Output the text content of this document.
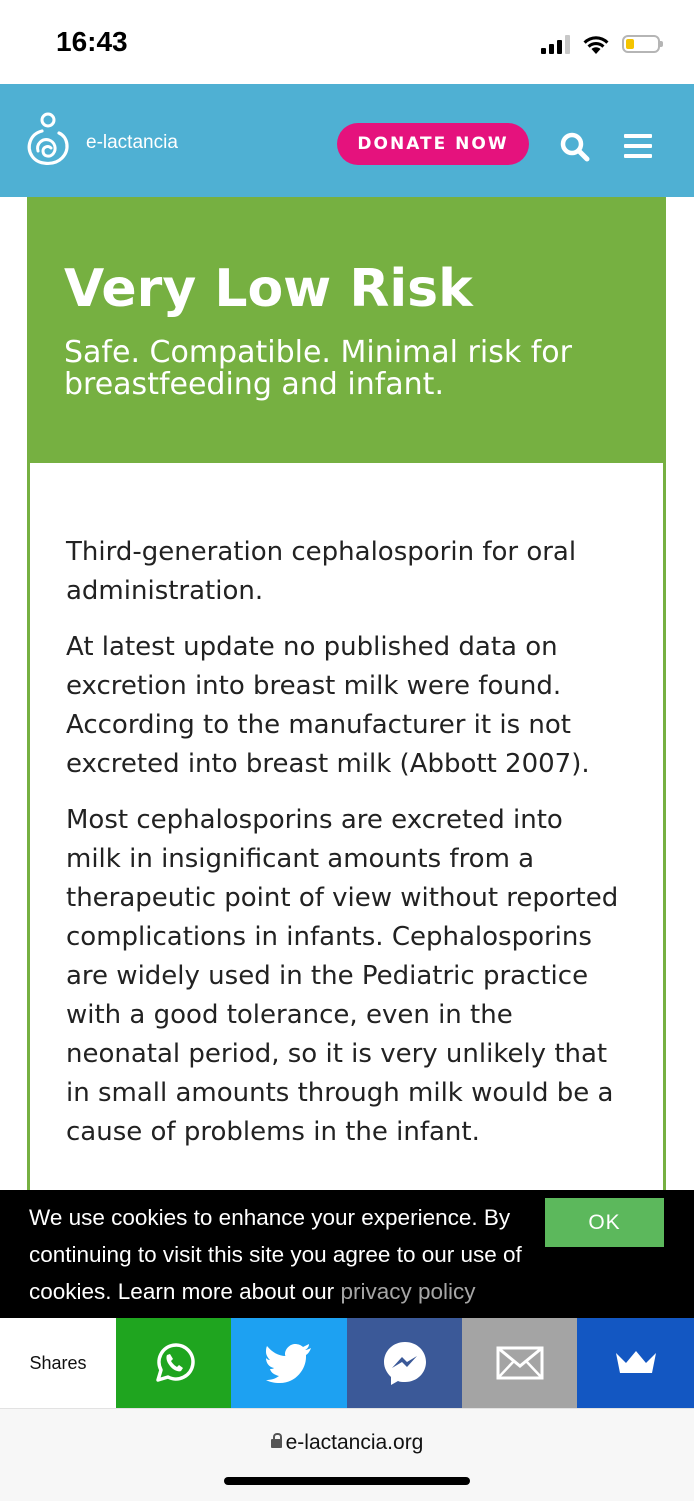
16:43
e-lactancia	DONATE NOW
Very Low Risk

Safe. Compatible. Minimal risk for breastfeeding and infant.

Third-generation cephalosporin for oral administration.

At latest update no published data on excretion into breast milk were found. According to the manufacturer it is not excreted into breast milk (Abbott 2007).

Most cephalosporins are excreted into milk in insignificant amounts from a therapeutic point of view without reported complications in infants. Cephalosporins are widely used in the Pediatric practice with a good tolerance, even in the neonatal period, so it is very unlikely that in small amounts through milk would be a cause of problems in the infant.

We use cookies to enhance your experience. By continuing to visit this site you agree to our use of cookies. Learn more about our privacy policy
OK
Shares
e-lactancia.org
